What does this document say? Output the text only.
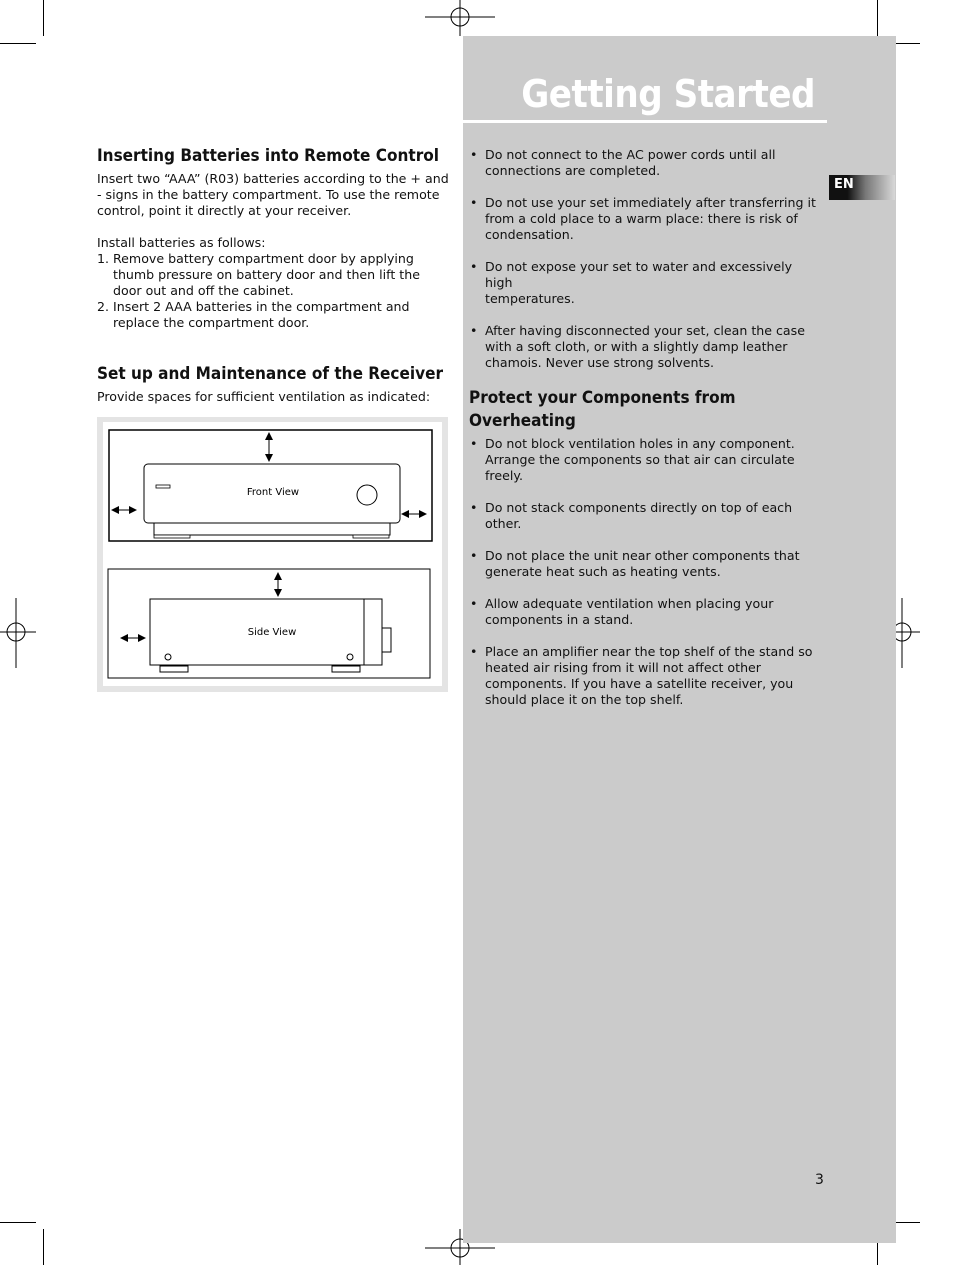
Getting Started
EN
Inserting Batteries into Remote Control

Insert two “AAA” (R03) batteries according to the + and

- signs in the battery compartment. To use the remote

control, point it directly at your receiver.

Install batteries as follows:

1. Remove battery compartment door by applying

thumb pressure on battery door and then lift the

door out and off the cabinet.

2. Insert 2 AAA batteries in the compartment and

replace the compartment door.

Set up and Maintenance of the Receiver

Provide spaces for sufficient ventilation as indicated:

Front View
Side View

• Do not connect to the AC power cords until all

connections are completed.

• Do not use your set immediately after transferring it

from a cold place to a warm place: there is risk of

condensation.

• Do not expose your set to water and excessively high

temperatures.

• After having disconnected your set, clean the case

with a soft cloth, or with a slightly damp leather

chamois. Never use strong solvents.

Protect your Components from
Overheating

• Do not block ventilation holes in any component.

Arrange the components so that air can circulate

freely.

• Do not stack components directly on top of each

other.

• Do not place the unit near other components that

generate heat such as heating vents.

• Allow adequate ventilation when placing your

components in a stand.

• Place an amplifier near the top shelf of the stand so

heated air rising from it will not affect other

components. If you have a satellite receiver, you

should place it on the top shelf.

3
